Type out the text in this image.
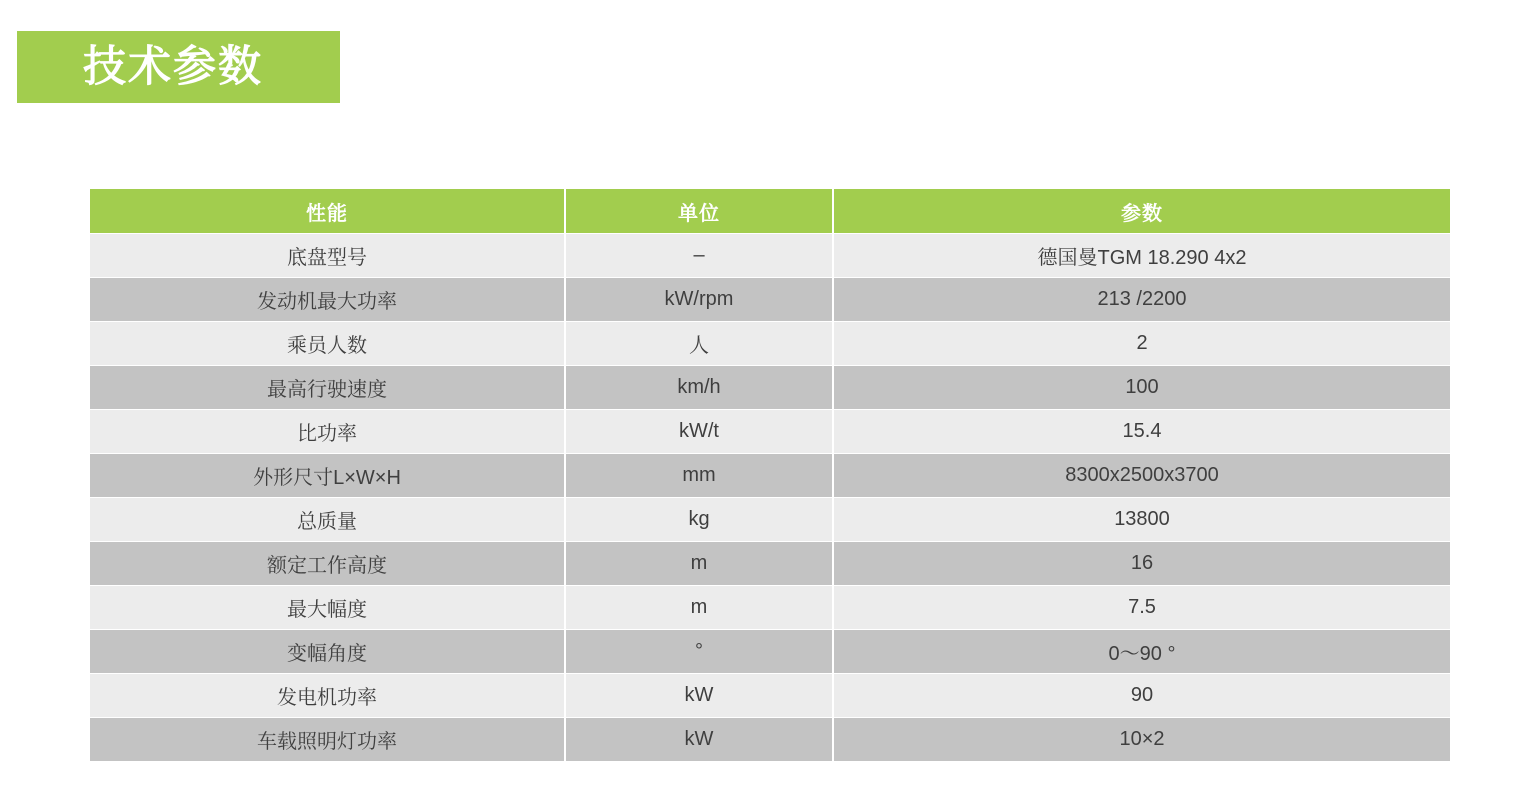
技术参数
性能	单位	参数
底盘型号	–	德国曼TGM 18.290 4x2
发动机最大功率	kW/rpm	213 /2200
乘员人数	人	2
最高行驶速度	km/h	100
比功率	kW/t	15.4
外形尺寸L×W×H	mm	8300x2500x3700
总质量	kg	13800
额定工作高度	m	16
最大幅度	m	7.5
变幅角度	°	0～90 °
发电机功率	kW	90
车载照明灯功率	kW	10×2
